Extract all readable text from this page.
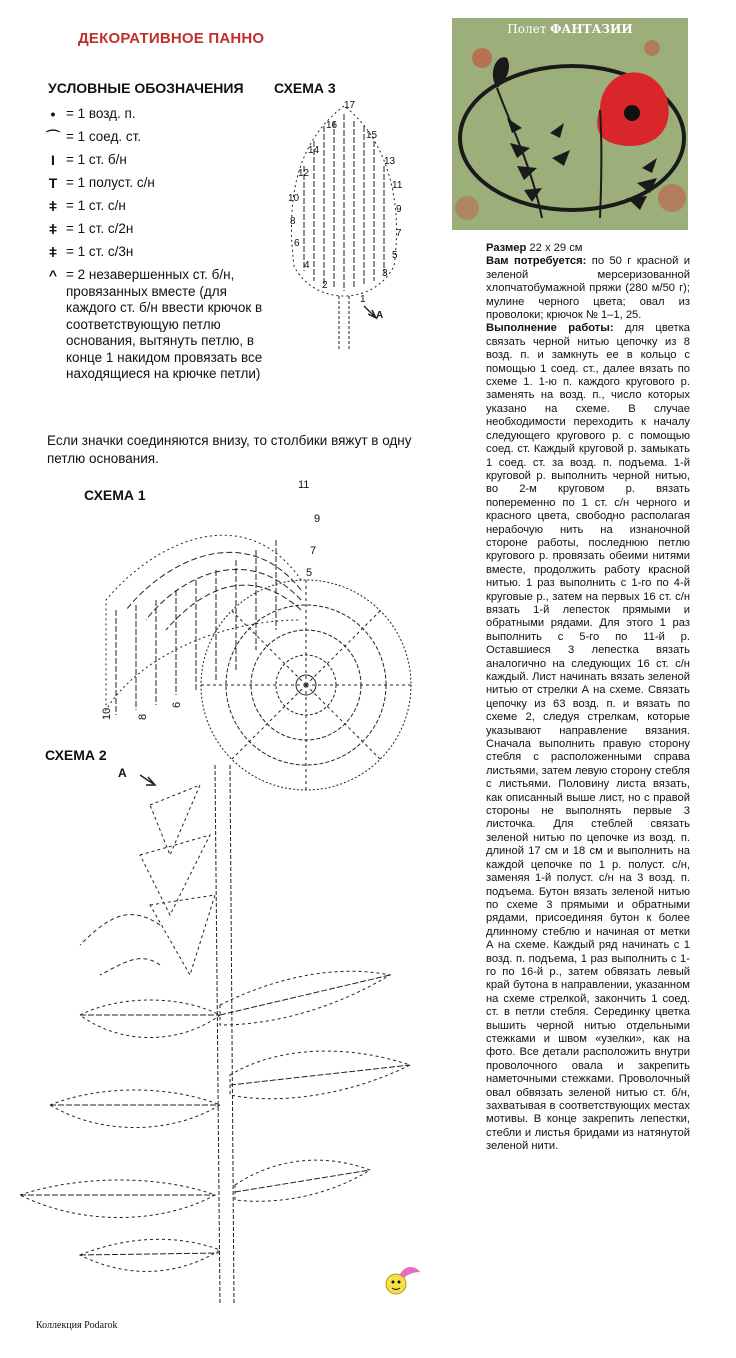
ДЕКОРАТИВНОЕ ПАННО
УСЛОВНЫЕ ОБОЗНАЧЕНИЯ СХЕМА 3
• = 1 возд. п.
⌒ = 1 соед. ст.
I = 1 ст. б/н
T = 1 полуст. с/н
ǂ = 1 ст. с/н
ǂ = 1 ст. с/2н
ǂ = 1 ст. с/3н
^ = 2 незавершенных ст. б/н, провязанных вместе (для каждого ст. б/н ввести крючок в соответствующую петлю основания, вытянуть петлю, в конце 1 накидом провязать все находящиеся на крючке петли)
Если значки соединяются внизу, то столбики вяжут в одну петлю основания.
17
16
15
14
13
12
11
10
9
8
7
6
5
4
3
2
1
A
СХЕМА 1
11
10
9
8
7
6
5
СХЕМА 2
A
Полет ФАНТАЗИИ

Размер 22 х 29 см

Вам потребуется: по 50 г красной и зеленой мерсеризованной хлопчатобумажной пряжи (280 м/50 г); мулине черного цвета; овал из проволоки; крючок № 1–1, 25.

Выполнение работы: для цветка связать черной нитью цепочку из 8 возд. п. и замкнуть ее в кольцо с помощью 1 соед. ст., далее вязать по схеме 1. 1-ю п. каждого кругового р. заменять на возд. п., число которых указано на схеме. В случае необходимости переходить к началу следующего кругового р. с помощью соед. ст. Каждый круговой р. замыкать 1 соед. ст. за возд. п. подъема. 1-й круговой р. выполнить черной нитью, во 2-м круговом р. вязать попеременно по 1 ст. с/н черного и красного цвета, свободно располагая нерабочую нить на изнаночной стороне работы, последнюю петлю кругового р. провязать обеими нитями вместе, продолжить работу красной нитью. 1 раз выполнить с 1-го по 4-й круговые р., затем на первых 16 ст. с/н вязать 1-й лепесток прямыми и обратными рядами. Для этого 1 раз выполнить с 5-го по 11-й р. Оставшиеся 3 лепестка вязать аналогично на следующих 16 ст. с/н каждый. Лист начинать вязать зеленой нитью от стрелки А на схеме. Связать цепочку из 63 возд. п. и вязать по схеме 2, следуя стрелкам, которые указывают направление вязания. Сначала выполнить правую сторону стебля с расположенными справа листьями, затем левую сторону стебля с листьями. Половину листа вязать, как описанный выше лист, но с правой стороны не выполнять первые 3 листочка. Для стеблей связать зеленой нитью по цепочке из возд. п. длиной 17 см и 18 см и выполнить на каждой цепочке по 1 р. полуст. с/н, заменяя 1-й полуст. с/н на 3 возд. п. подъема. Бутон вязать зеленой нитью по схеме 3 прямыми и обратными рядами, присоединяя бутон к более длинному стеблю и начиная от метки А на схеме. Каждый ряд начинать с 1 возд. п. подъема, 1 раз выполнить с 1-го по 16-й р., затем обвязать левый край бутона в направлении, указанном на схеме стрелкой, закончить 1 соед. ст. в петли стебля. Серединку цветка вышить черной нитью отдельными стежками и швом «узелки», как на фото. Все детали расположить внутри проволочного овала и закрепить наметочными стежками. Проволочный овал обвязать зеленой нитью ст. б/н, захватывая в соответствующих местах мотивы. В конце закрепить лепестки, стебли и листья бридами из натянутой зеленой нити.

Коллекция Podarok
